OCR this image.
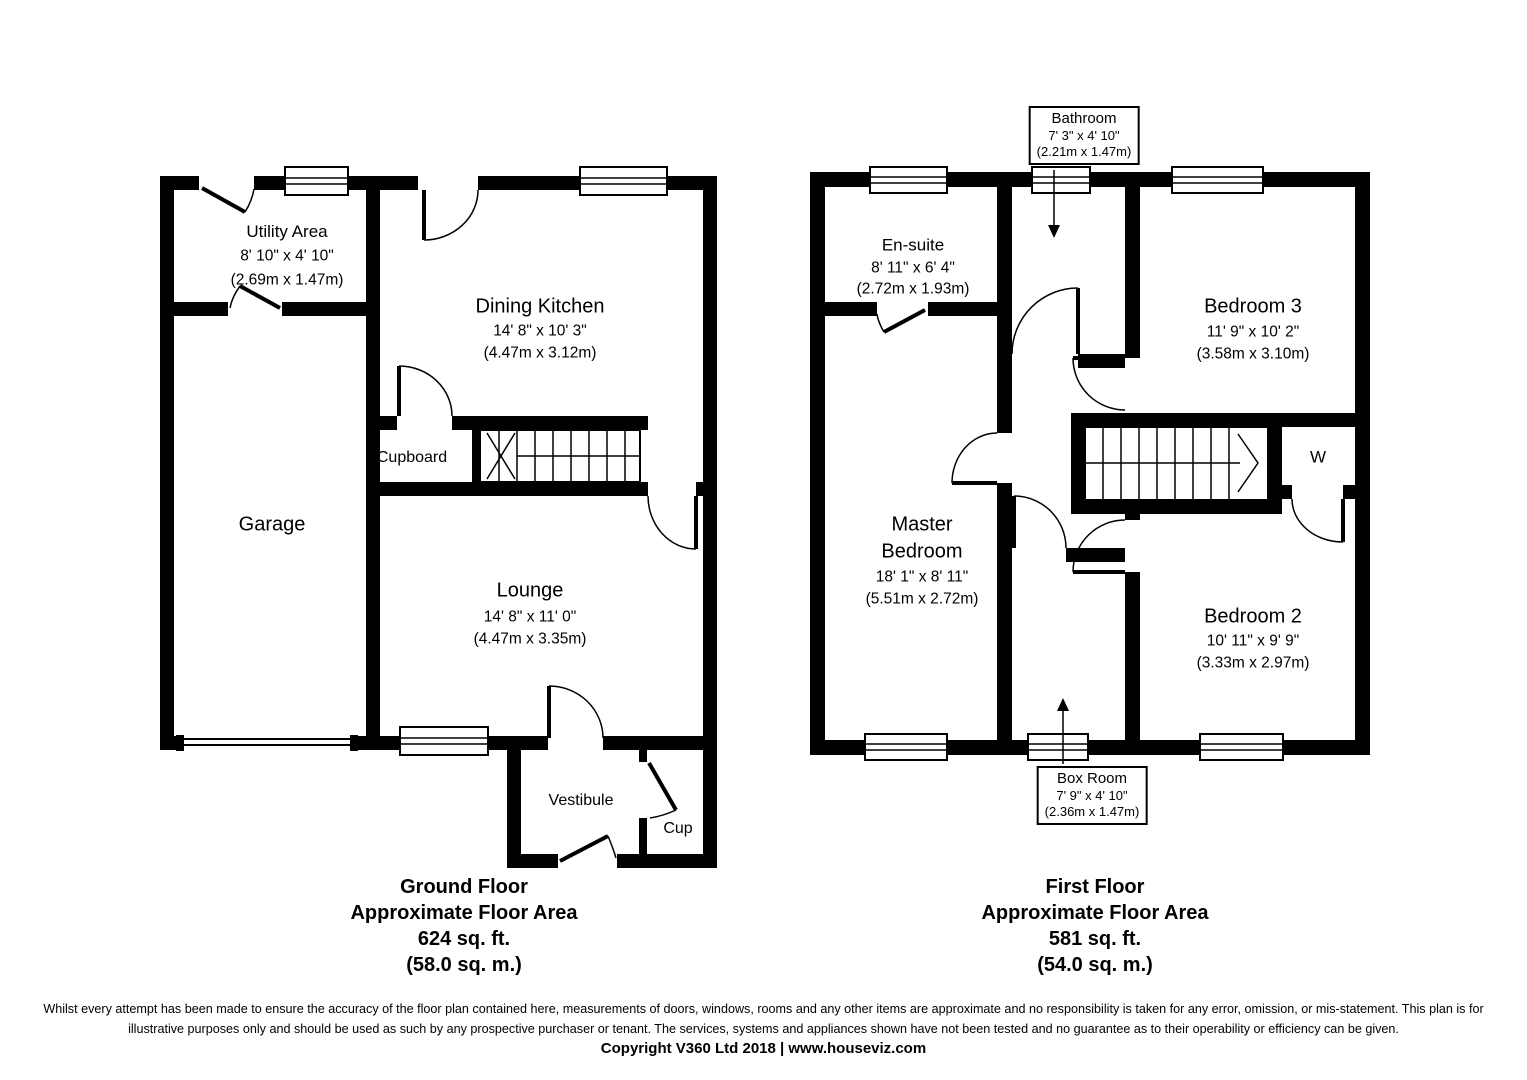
Utility Area
8' 10" x 4' 10"
(2.69m x 1.47m)
Dining Kitchen
14' 8" x 10' 3"
(4.47m x 3.12m)
Garage
Cupboard
Lounge
14' 8" x 11' 0"
(4.47m x 3.35m)
Vestibule
Cup
En-suite
8' 11" x 6' 4"
(2.72m x 1.93m)
Bedroom 3
11' 9" x 10' 2"
(3.58m x 3.10m)
Master
Bedroom
18' 1" x 8' 11"
(5.51m x 2.72m)
Bedroom 2
10' 11" x 9' 9"
(3.33m x 2.97m)
W
Bathroom
7' 3" x 4' 10"
(2.21m x 1.47m)
Box Room
7' 9" x 4' 10"
(2.36m x 1.47m)
Ground Floor
Approximate Floor Area
624 sq. ft.
(58.0 sq. m.)
First Floor
Approximate Floor Area
581 sq. ft.
(54.0 sq. m.)
Whilst every attempt has been made to ensure the accuracy of the floor plan contained here, measurements of doors, windows, rooms and any other items are approximate and no responsibility is taken for any error, omission, or mis-statement. This plan is for
illustrative purposes only and should be used as such by any prospective purchaser or tenant. The services, systems and appliances shown have not been tested and no guarantee as to their operability or efficiency can be given.
Copyright V360 Ltd 2018 | www.houseviz.com
